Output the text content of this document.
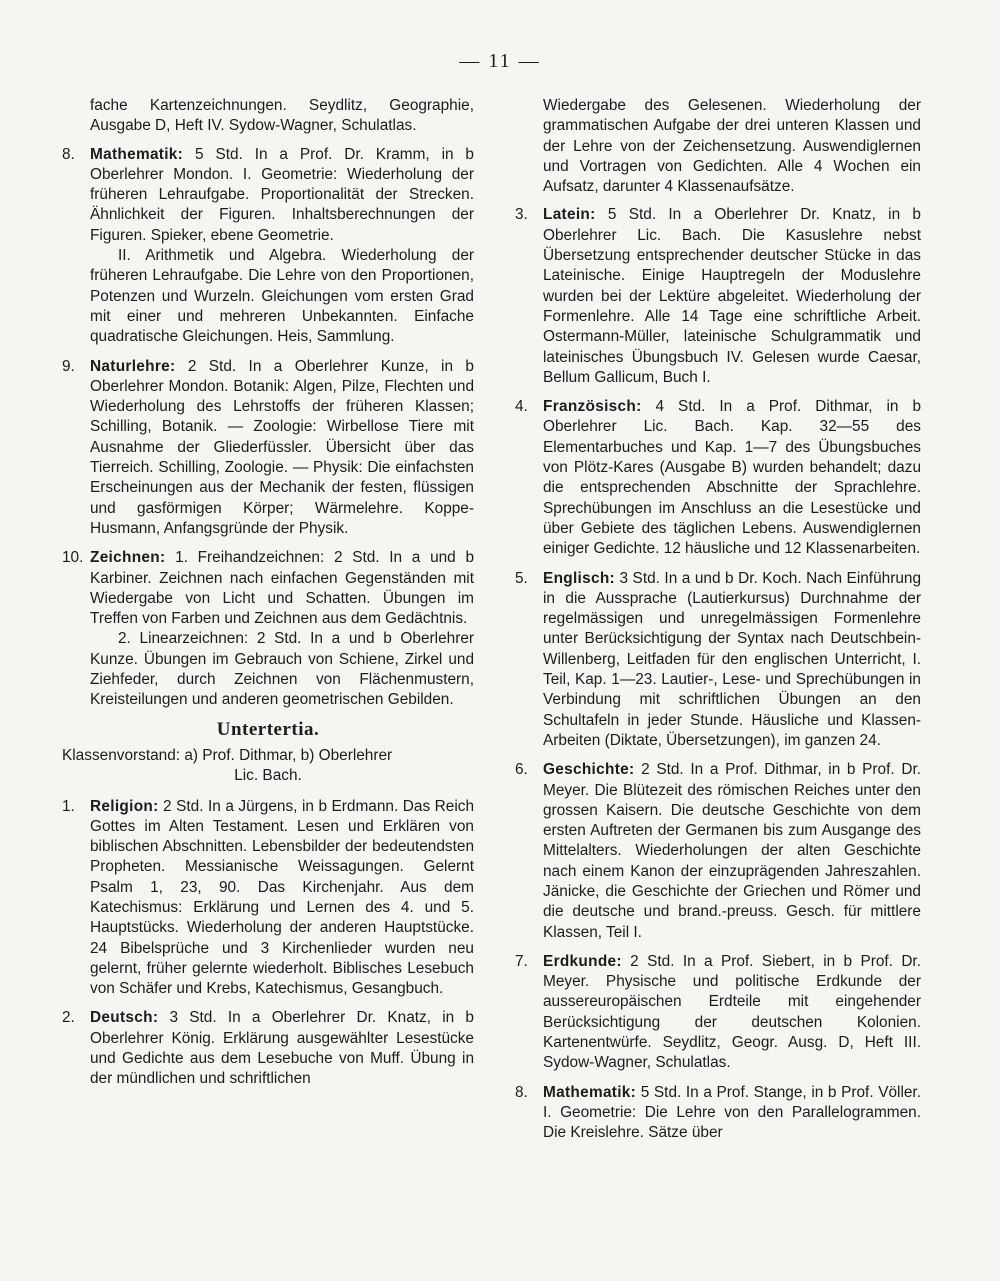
— 11 —

fache Kartenzeichnungen. Seydlitz, Geographie, Ausgabe D, Heft IV. Sydow-Wagner, Schulatlas.

8. Mathematik: 5 Std. In a Prof. Dr. Kramm, in b Oberlehrer Mondon. I. Geometrie: Wiederholung der früheren Lehraufgabe. Proportionalität der Strecken. Ähnlichkeit der Figuren. Inhaltsberechnungen der Figuren. Spieker, ebene Geometrie.
II. Arithmetik und Algebra. Wiederholung der früheren Lehraufgabe. Die Lehre von den Proportionen, Potenzen und Wurzeln. Gleichungen vom ersten Grad mit einer und mehreren Unbekannten. Einfache quadratische Gleichungen. Heis, Sammlung.
9. Naturlehre: 2 Std. In a Oberlehrer Kunze, in b Oberlehrer Mondon. Botanik: Algen, Pilze, Flechten und Wiederholung des Lehrstoffs der früheren Klassen; Schilling, Botanik. — Zoologie: Wirbellose Tiere mit Ausnahme der Gliederfüssler. Übersicht über das Tierreich. Schilling, Zoologie. — Physik: Die einfachsten Erscheinungen aus der Mechanik der festen, flüssigen und gasförmigen Körper; Wärmelehre. Koppe-Husmann, Anfangsgründe der Physik.
10. Zeichnen: 1. Freihandzeichnen: 2 Std. In a und b Karbiner. Zeichnen nach einfachen Gegenständen mit Wiedergabe von Licht und Schatten. Übungen im Treffen von Farben und Zeichnen aus dem Gedächtnis.
2. Linearzeichnen: 2 Std. In a und b Oberlehrer Kunze. Übungen im Gebrauch von Schiene, Zirkel und Ziehfeder, durch Zeichnen von Flächenmustern, Kreisteilungen und anderen geometrischen Gebilden.
Untertertia.
Klassenvorstand: a) Prof. Dithmar, b) Oberlehrer
Lic. Bach.
1. Religion: 2 Std. In a Jürgens, in b Erdmann. Das Reich Gottes im Alten Testament. Lesen und Erklären von biblischen Abschnitten. Lebensbilder der bedeutendsten Propheten. Messianische Weissagungen. Gelernt Psalm 1, 23, 90. Das Kirchenjahr. Aus dem Katechismus: Erklärung und Lernen des 4. und 5. Hauptstücks. Wiederholung der anderen Hauptstücke. 24 Bibelsprüche und 3 Kirchenlieder wurden neu gelernt, früher gelernte wiederholt. Biblisches Lesebuch von Schäfer und Krebs, Katechismus, Gesangbuch.
2. Deutsch: 3 Std. In a Oberlehrer Dr. Knatz, in b Oberlehrer König. Erklärung ausgewählter Lesestücke und Gedichte aus dem Lesebuche von Muff. Übung in der mündlichen und schriftlichen

Wiedergabe des Gelesenen. Wiederholung der grammatischen Aufgabe der drei unteren Klassen und der Lehre von der Zeichensetzung. Auswendiglernen und Vortragen von Gedichten. Alle 4 Wochen ein Aufsatz, darunter 4 Klassenaufsätze.

3. Latein: 5 Std. In a Oberlehrer Dr. Knatz, in b Oberlehrer Lic. Bach. Die Kasuslehre nebst Übersetzung entsprechender deutscher Stücke in das Lateinische. Einige Hauptregeln der Moduslehre wurden bei der Lektüre abgeleitet. Wiederholung der Formenlehre. Alle 14 Tage eine schriftliche Arbeit. Ostermann-Müller, lateinische Schulgrammatik und lateinisches Übungsbuch IV. Gelesen wurde Caesar, Bellum Gallicum, Buch I.
4. Französisch: 4 Std. In a Prof. Dithmar, in b Oberlehrer Lic. Bach. Kap. 32—55 des Elementarbuches und Kap. 1—7 des Übungsbuches von Plötz-Kares (Ausgabe B) wurden behandelt; dazu die entsprechenden Abschnitte der Sprachlehre. Sprechübungen im Anschluss an die Lesestücke und über Gebiete des täglichen Lebens. Auswendiglernen einiger Gedichte. 12 häusliche und 12 Klassenarbeiten.
5. Englisch: 3 Std. In a und b Dr. Koch. Nach Einführung in die Aussprache (Lautierkursus) Durchnahme der regelmässigen und unregelmässigen Formenlehre unter Berücksichtigung der Syntax nach Deutschbein-Willenberg, Leitfaden für den englischen Unterricht, I. Teil, Kap. 1—23. Lautier-, Lese- und Sprechübungen in Verbindung mit schriftlichen Übungen an den Schultafeln in jeder Stunde. Häusliche und Klassen-Arbeiten (Diktate, Übersetzungen), im ganzen 24.
6. Geschichte: 2 Std. In a Prof. Dithmar, in b Prof. Dr. Meyer. Die Blütezeit des römischen Reiches unter den grossen Kaisern. Die deutsche Geschichte von dem ersten Auftreten der Germanen bis zum Ausgange des Mittelalters. Wiederholungen der alten Geschichte nach einem Kanon der einzuprägenden Jahreszahlen. Jänicke, die Geschichte der Griechen und Römer und die deutsche und brand.-preuss. Gesch. für mittlere Klassen, Teil I.
7. Erdkunde: 2 Std. In a Prof. Siebert, in b Prof. Dr. Meyer. Physische und politische Erdkunde der aussereuropäischen Erdteile mit eingehender Berücksichtigung der deutschen Kolonien. Kartenentwürfe. Seydlitz, Geogr. Ausg. D, Heft III. Sydow-Wagner, Schulatlas.
8. Mathematik: 5 Std. In a Prof. Stange, in b Prof. Völler. I. Geometrie: Die Lehre von den Parallelogrammen. Die Kreislehre. Sätze über
